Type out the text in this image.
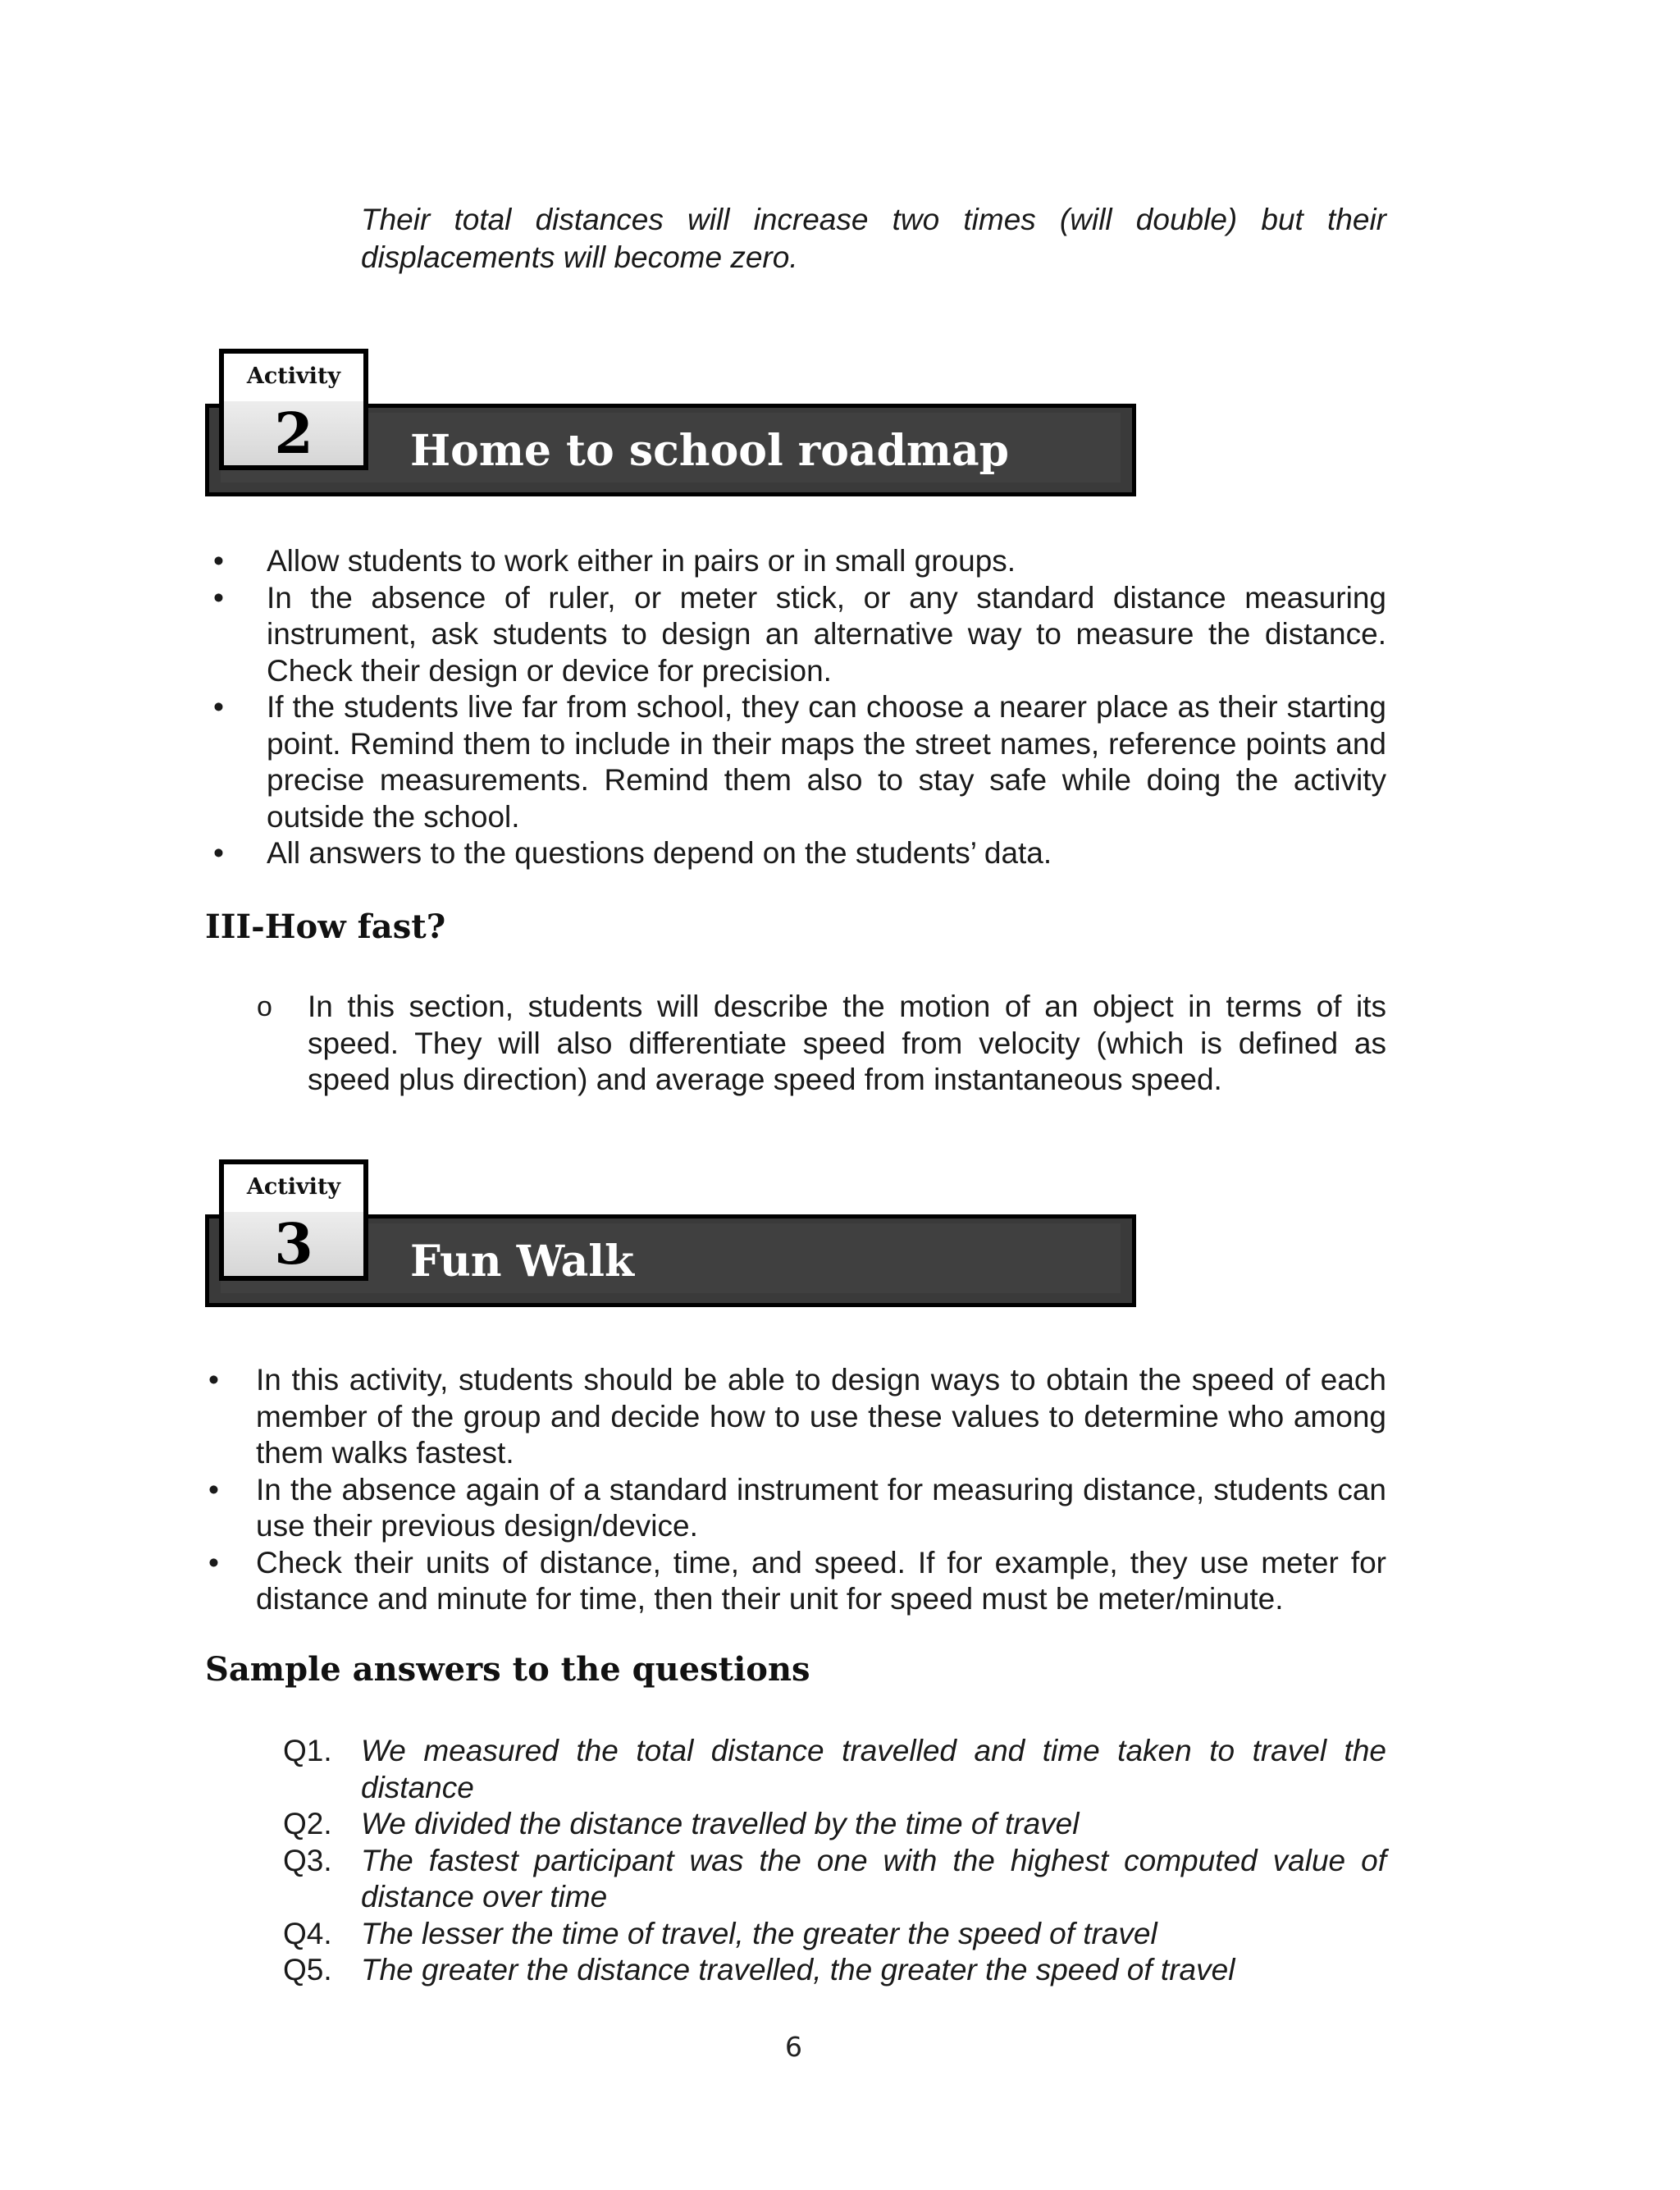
Their total distances will increase two times (will double) but their displacements will become zero.
Activity
2	Home to school roadmap
• Allow students to work either in pairs or in small groups.
• In the absence of ruler, or meter stick, or any standard distance measuring instrument, ask students to design an alternative way to measure the distance. Check their design or device for precision.
• If the students live far from school, they can choose a nearer place as their starting point. Remind them to include in their maps the street names, reference points and precise measurements. Remind them also to stay safe while doing the activity outside the school.
• All answers to the questions depend on the students’ data.
III-How fast?
o In this section, students will describe the motion of an object in terms of its speed. They will also differentiate speed from velocity (which is defined as speed plus direction) and average speed from instantaneous speed.
Activity
3	Fun Walk
• In this activity, students should be able to design ways to obtain the speed of each member of the group and decide how to use these values to determine who among them walks fastest.
• In the absence again of a standard instrument for measuring distance, students can use their previous design/device.
• Check their units of distance, time, and speed. If for example, they use meter for distance and minute for time, then their unit for speed must be meter/minute.
Sample answers to the questions
Q1. We measured the total distance travelled and time taken to travel the distance
Q2. We divided the distance travelled by the time of travel
Q3. The fastest participant was the one with the highest computed value of distance over time
Q4. The lesser the time of travel, the greater the speed of travel
Q5. The greater the distance travelled, the greater the speed of travel
6
